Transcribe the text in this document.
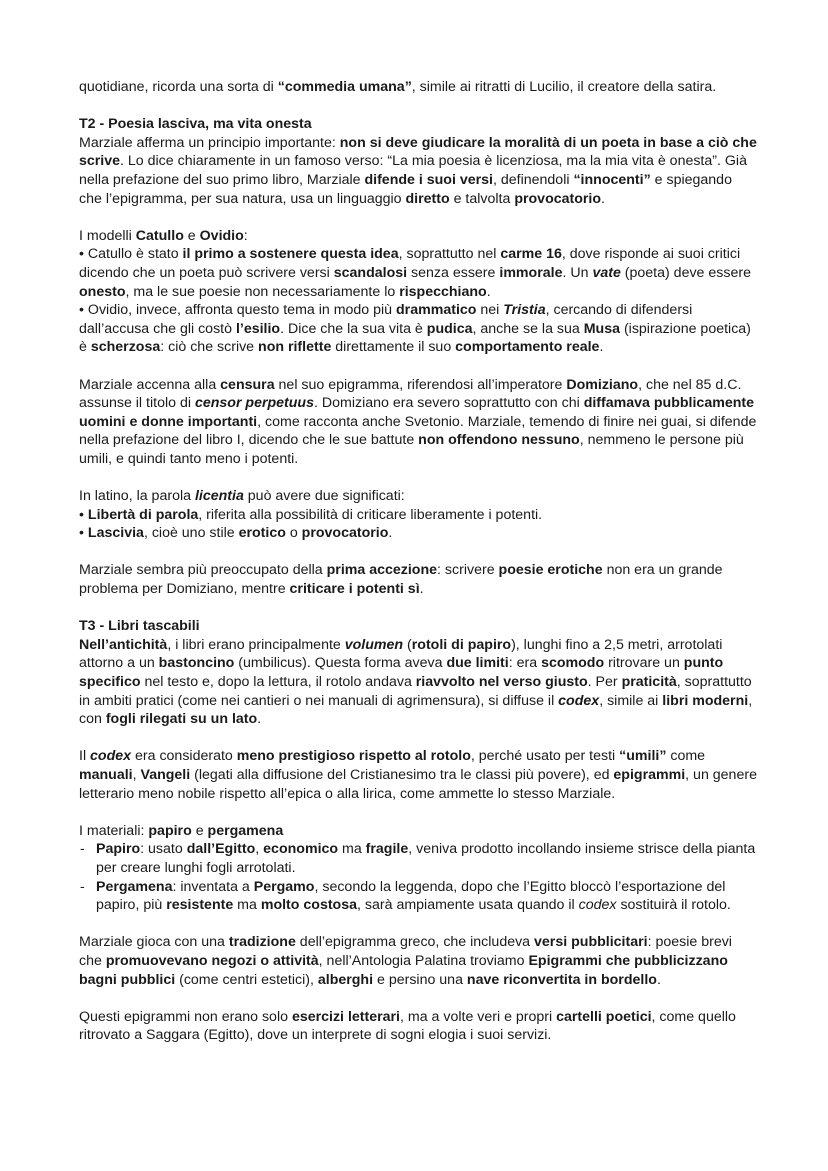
quotidiane, ricorda una sorta di “commedia umana”, simile ai ritratti di Lucilio, il creatore della satira.

T2 - Poesia lasciva, ma vita onesta

Marziale afferma un principio importante: non si deve giudicare la moralità di un poeta in base a ciò che scrive. Lo dice chiaramente in un famoso verso: “La mia poesia è licenziosa, ma la mia vita è onesta”. Già nella prefazione del suo primo libro, Marziale difende i suoi versi, definendoli “innocenti” e spiegando che l’epigramma, per sua natura, usa un linguaggio diretto e talvolta provocatorio.

I modelli Catullo e Ovidio:

• Catullo è stato il primo a sostenere questa idea, soprattutto nel carme 16, dove risponde ai suoi critici dicendo che un poeta può scrivere versi scandalosi senza essere immorale. Un vate (poeta) deve essere onesto, ma le sue poesie non necessariamente lo rispecchiano.

• Ovidio, invece, affronta questo tema in modo più drammatico nei Tristia, cercando di difendersi dall’accusa che gli costò l’esilio. Dice che la sua vita è pudica, anche se la sua Musa (ispirazione poetica) è scherzosa: ciò che scrive non riflette direttamente il suo comportamento reale.

Marziale accenna alla censura nel suo epigramma, riferendosi all’imperatore Domiziano, che nel 85 d.C. assunse il titolo di censor perpetuus. Domiziano era severo soprattutto con chi diffamava pubblicamente uomini e donne importanti, come racconta anche Svetonio. Marziale, temendo di finire nei guai, si difende nella prefazione del libro I, dicendo che le sue battute non offendono nessuno, nemmeno le persone più umili, e quindi tanto meno i potenti.

In latino, la parola licentia può avere due significati:

• Libertà di parola, riferita alla possibilità di criticare liberamente i potenti.

• Lascivia, cioè uno stile erotico o provocatorio.

Marziale sembra più preoccupato della prima accezione: scrivere poesie erotiche non era un grande problema per Domiziano, mentre criticare i potenti sì.

T3 - Libri tascabili

Nell’antichità, i libri erano principalmente volumen (rotoli di papiro), lunghi fino a 2,5 metri, arrotolati attorno a un bastoncino (umbilicus). Questa forma aveva due limiti: era scomodo ritrovare un punto specifico nel testo e, dopo la lettura, il rotolo andava riavvolto nel verso giusto. Per praticità, soprattutto in ambiti pratici (come nei cantieri o nei manuali di agrimensura), si diffuse il codex, simile ai libri moderni, con fogli rilegati su un lato.

Il codex era considerato meno prestigioso rispetto al rotolo, perché usato per testi “umili” come manuali, Vangeli (legati alla diffusione del Cristianesimo tra le classi più povere), ed epigrammi, un genere letterario meno nobile rispetto all’epica o alla lirica, come ammette lo stesso Marziale.

I materiali: papiro e pergamena

- Papiro: usato dall’Egitto, economico ma fragile, veniva prodotto incollando insieme strisce della pianta per creare lunghi fogli arrotolati.

- Pergamena: inventata a Pergamo, secondo la leggenda, dopo che l’Egitto bloccò l’esportazione del papiro, più resistente ma molto costosa, sarà ampiamente usata quando il codex sostituirà il rotolo.

Marziale gioca con una tradizione dell’epigramma greco, che includeva versi pubblicitari: poesie brevi che promuovevano negozi o attività, nell’Antologia Palatina troviamo Epigrammi che pubblicizzano bagni pubblici (come centri estetici), alberghi e persino una nave riconvertita in bordello.

Questi epigrammi non erano solo esercizi letterari, ma a volte veri e propri cartelli poetici, come quello ritrovato a Saggara (Egitto), dove un interprete di sogni elogia i suoi servizi.
